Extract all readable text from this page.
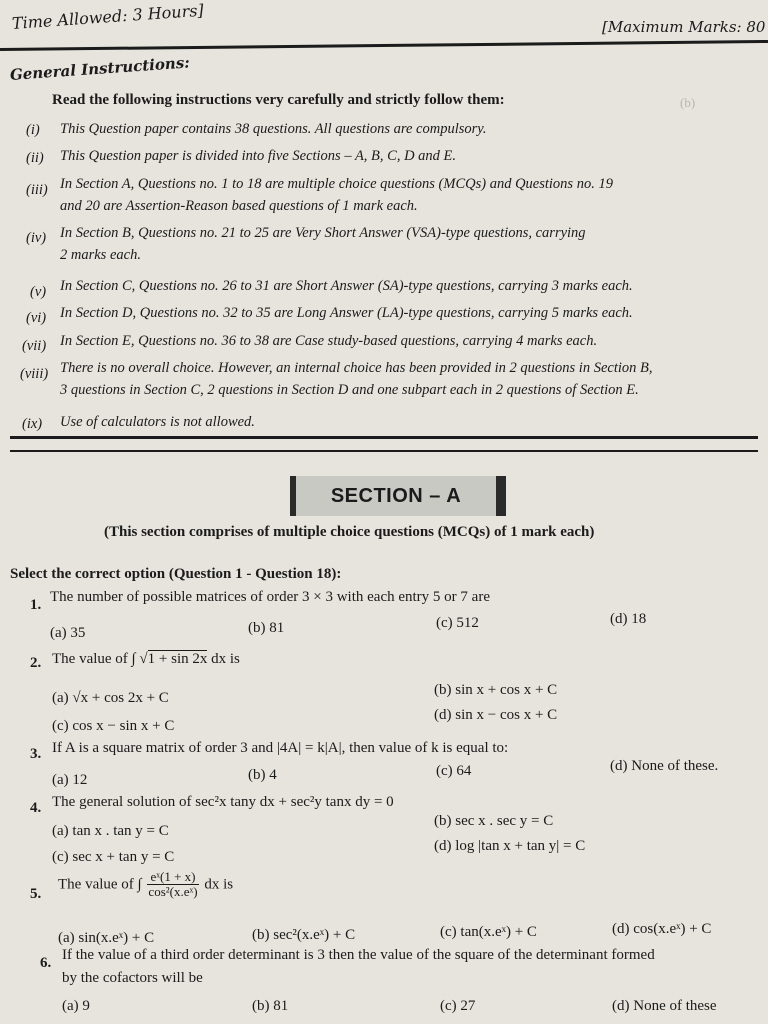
(b)
Time Allowed: 3 Hours]	[Maximum Marks: 80
General Instructions:
Read the following instructions very carefully and strictly follow them:
(i) This Question paper contains 38 questions. All questions are compulsory.
(ii) This Question paper is divided into five Sections – A, B, C, D and E.
(iii) In Section A, Questions no. 1 to 18 are multiple choice questions (MCQs) and Questions no. 19
and 20 are Assertion-Reason based questions of 1 mark each.
(iv) In Section B, Questions no. 21 to 25 are Very Short Answer (VSA)-type questions, carrying
2 marks each.
(v) In Section C, Questions no. 26 to 31 are Short Answer (SA)-type questions, carrying 3 marks each.
(vi) In Section D, Questions no. 32 to 35 are Long Answer (LA)-type questions, carrying 5 marks each.
(vii) In Section E, Questions no. 36 to 38 are Case study-based questions, carrying 4 marks each.
(viii) There is no overall choice. However, an internal choice has been provided in 2 questions in Section B,
3 questions in Section C, 2 questions in Section D and one subpart each in 2 questions of Section E.
(ix) Use of calculators is not allowed.
SECTION – A
(This section comprises of multiple choice questions (MCQs) of 1 mark each)
Select the correct option (Question 1 - Question 18):
1. The number of possible matrices of order 3 × 3 with each entry 5 or 7 are
(a) 35	(b) 81	(c) 512	(d) 18
2. The value of ∫ √1 + sin 2x dx is
(a) √x + cos 2x + C	(b) sin x + cos x + C
(c) cos x − sin x + C
(d) sin x − cos x + C
3. If A is a square matrix of order 3 and |4A| = k|A|, then value of k is equal to:
(a) 12	(b) 4	(c) 64	(d) None of these.
4. The general solution of sec²x tany dx + sec²y tanx dy = 0
(a) tan x . tan y = C
(b) sec x . sec y = C
(c) sec x + tan y = C
(d) log |tan x + tan y| = C
5.
The value of ∫ $\frac{\text{eˣ(1 + x)}}{\text{cos²(x.eˣ)}}$ dx is
(a) sin(x.eˣ) + C	(b) sec²(x.eˣ) + C	(c) tan(x.eˣ) + C	(d) cos(x.eˣ) + C
6. If the value of a third order determinant is 3 then the value of the square of the determinant formed
by the cofactors will be
(a) 9	(b) 81	(c) 27	(d) None of these
